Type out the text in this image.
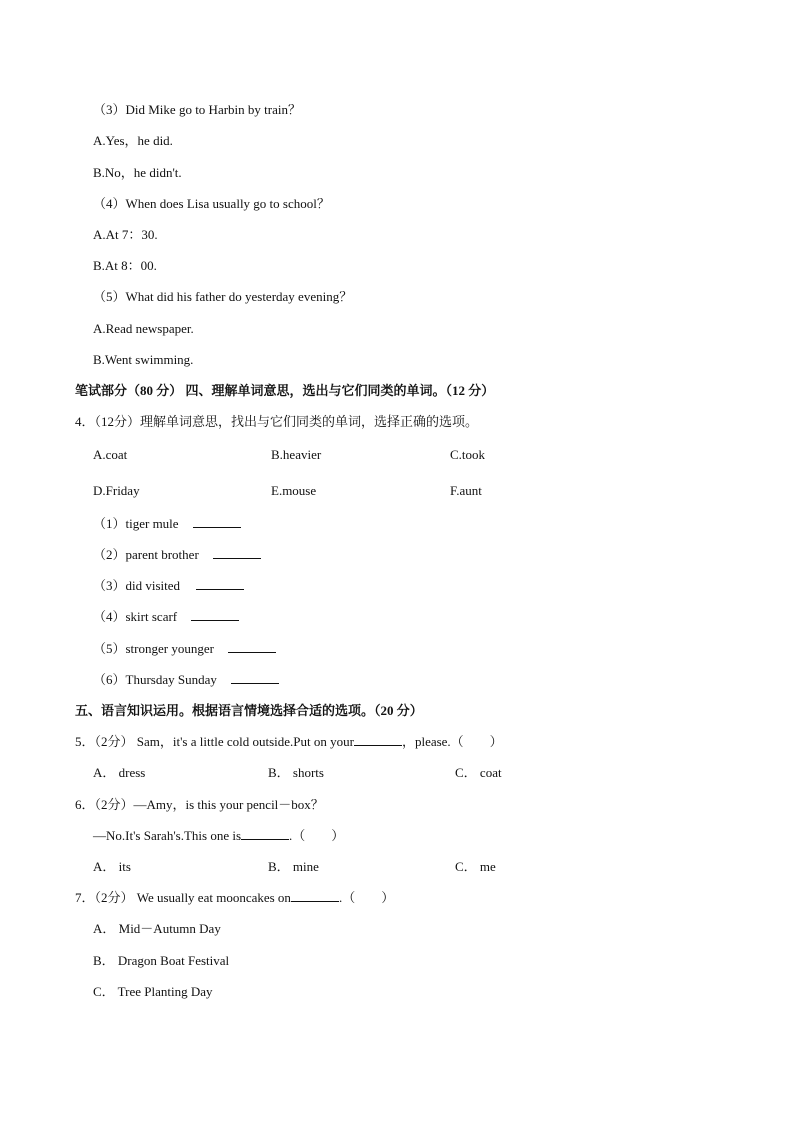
（3）Did Mike go to Harbin by train？
A.Yes，he did.
B.No，he didn't.
（4）When does Lisa usually go to school？
A.At 7：30.
B.At 8：00.
（5）What did his father do yesterday evening？
A.Read newspaper.
B.Went swimming.
笔试部分（80 分） 四、理解单词意思，选出与它们同类的单词。（12 分）
4．（12分）理解单词意思，找出与它们同类的单词，选择正确的选项。
A.coat	B.heavier	C.took
D.Friday	E.mouse	F.aunt
（1）tiger mule
（2）parent brother
（3）did visited
（4）skirt scarf
（5）stronger younger
（6）Thursday Sunday
五、语言知识运用。根据语言情境选择合适的选项。（20 分）
5．（2分） Sam，it's a little cold outside.Put on your	，please.（　　）
A． dress	B． shorts	C． coat
6．（2分）—Amy，is this your pencil－box？
—No.It's Sarah's.This one is	.（　　）
A． its	B． mine	C． me
7．（2分） We usually eat mooncakes on	.（　　）
A． Mid－Autumn Day
B． Dragon Boat Festival
C． Tree Planting Day
